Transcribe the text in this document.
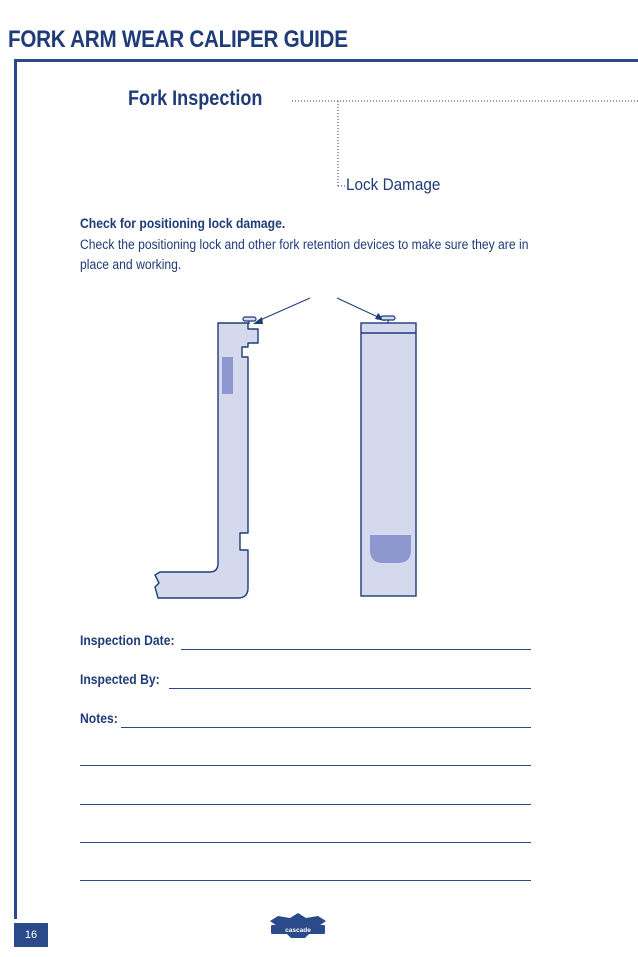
FORK ARM WEAR CALIPER GUIDE
Fork Inspection
cascade
Lock Damage
Check for positioning lock damage.
Check the positioning lock and other fork retention devices to make sure they are in place and working.
Inspection Date:
Inspected By:
Notes:
16
